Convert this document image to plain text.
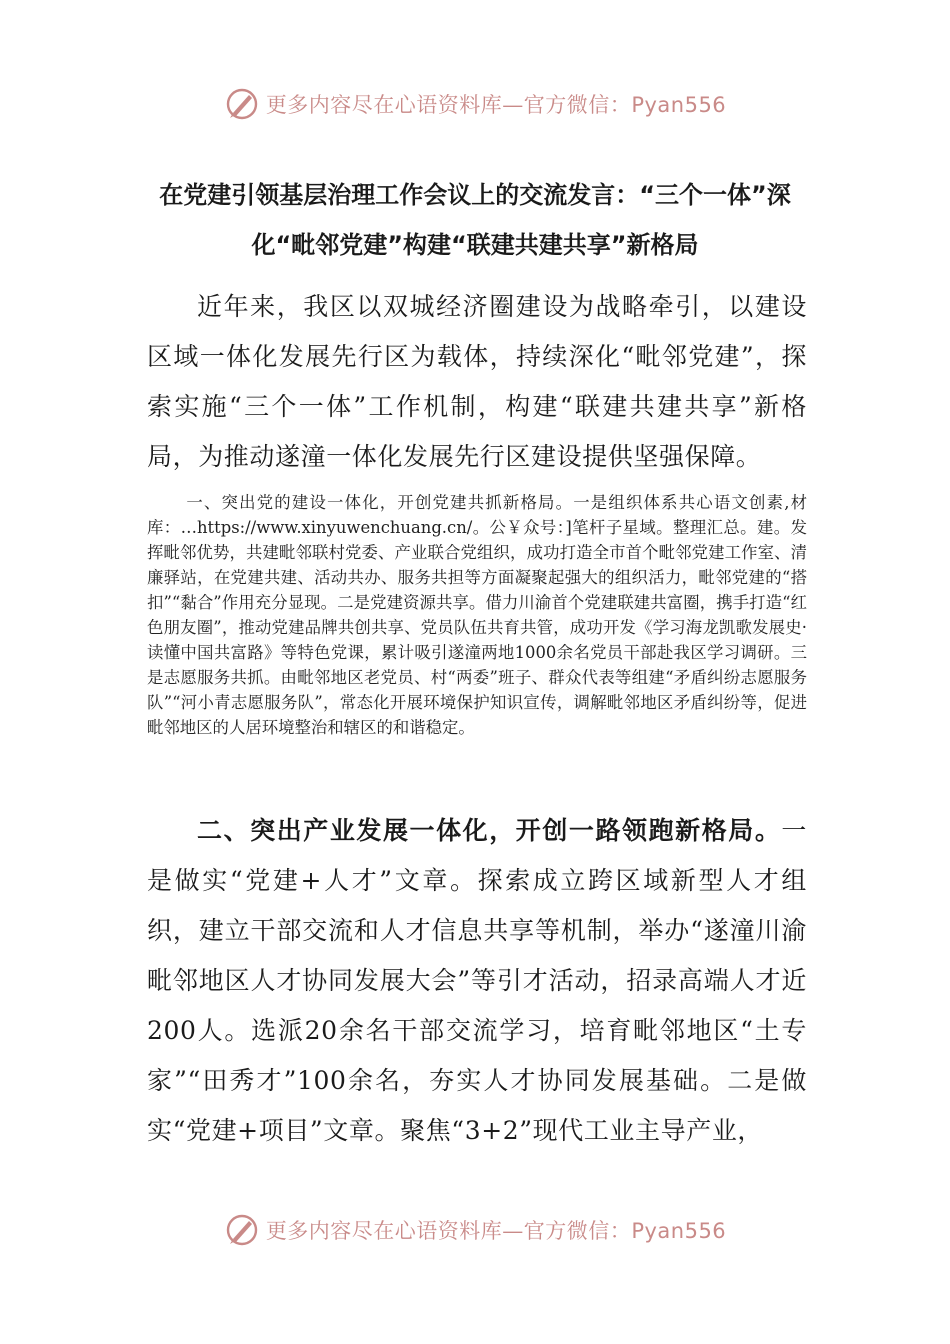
更多内容尽在心语资料库—官方微信：Pyan556
在党建引领基层治理工作会议上的交流发言：“三个一体”深化“毗邻党建”构建“联建共建共享”新格局

近年来，我区以双城经济圈建设为战略牵引，以建设区域一体化发展先行区为载体，持续深化“毗邻党建”，探索实施“三个一体”工作机制，构建“联建共建共享”新格局，为推动遂潼一体化发展先行区建设提供坚强保障。

一、突出党的建设一体化，开创党建共抓新格局。一是组织体系共心语文创素,材库：…https://www.xinyuwenchuang.cn/。公￥众号：]笔杆子星域。整理汇总。建。发挥毗邻优势，共建毗邻联村党委、产业联合党组织，成功打造全市首个毗邻党建工作室、清廉驿站，在党建共建、活动共办、服务共担等方面凝聚起强大的组织活力，毗邻党建的“搭扣”“黏合”作用充分显现。二是党建资源共享。借力川渝首个党建联建共富圈，携手打造“红色朋友圈”，推动党建品牌共创共享、党员队伍共育共管，成功开发《学习海龙凯歌发展史·读懂中国共富路》等特色党课，累计吸引遂潼两地1000余名党员干部赴我区学习调研。三是志愿服务共抓。由毗邻地区老党员、村“两委”班子、群众代表等组建“矛盾纠纷志愿服务队”“河小青志愿服务队”，常态化开展环境保护知识宣传，调解毗邻地区矛盾纠纷等，促进毗邻地区的人居环境整治和辖区的和谐稳定。

二、突出产业发展一体化，开创一路领跑新格局。一是做实“党建+人才”文章。探索成立跨区域新型人才组织，建立干部交流和人才信息共享等机制，举办“遂潼川渝毗邻地区人才协同发展大会”等引才活动，招录高端人才近200人。选派20余名干部交流学习，培育毗邻地区“土专家”“田秀才”100余名，夯实人才协同发展基础。二是做实“党建+项目”文章。聚焦“3+2”现代工业主导产业，

更多内容尽在心语资料库—官方微信：Pyan556
